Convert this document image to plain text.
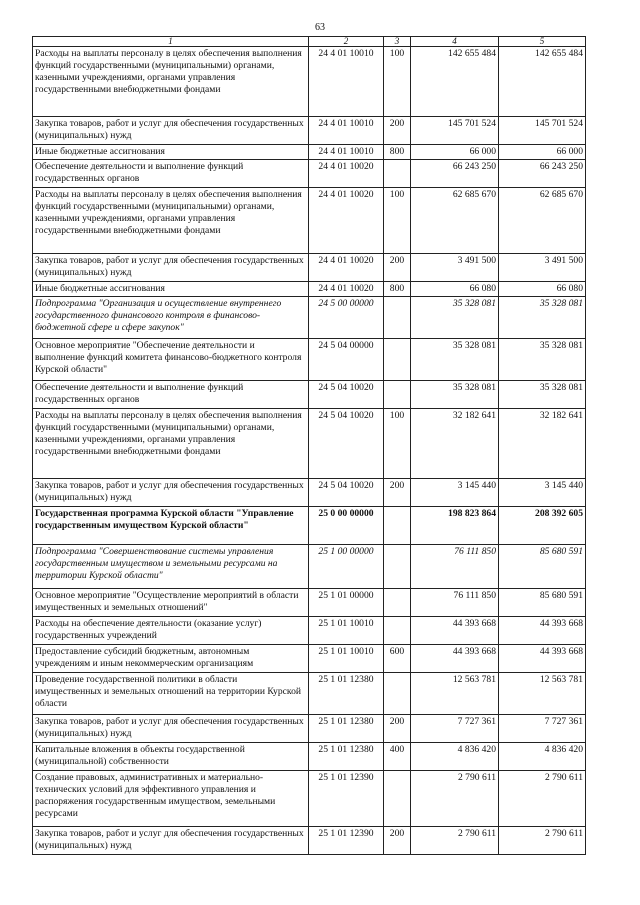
63
1	2	3	4	5
Расходы на выплаты персоналу в целях обеспечения выполнения функций государственными (муниципальными) органами, казенными учреждениями, органами управления государственными внебюджетными фондами	24 4 01 10010	100	142 655 484	142 655 484
Закупка товаров, работ и услуг для обеспечения государственных (муниципальных) нужд	24 4 01 10010	200	145 701 524	145 701 524
Иные бюджетные ассигнования	24 4 01 10010	800	66 000	66 000
Обеспечение деятельности и выполнение функций государственных органов	24 4 01 10020		66 243 250	66 243 250
Расходы на выплаты персоналу в целях обеспечения выполнения функций государственными (муниципальными) органами, казенными учреждениями, органами управления государственными внебюджетными фондами	24 4 01 10020	100	62 685 670	62 685 670
Закупка товаров, работ и услуг для обеспечения государственных (муниципальных) нужд	24 4 01 10020	200	3 491 500	3 491 500
Иные бюджетные ассигнования	24 4 01 10020	800	66 080	66 080
Подпрограмма "Организация и осуществление внутреннего государственного финансового контроля в финансово-бюджетной сфере и сфере закупок"	24 5 00 00000		35 328 081	35 328 081
Основное мероприятие "Обеспечение деятельности и выполнение функций комитета финансово-бюджетного контроля Курской области"	24 5 04 00000		35 328 081	35 328 081
Обеспечение деятельности и выполнение функций государственных органов	24 5 04 10020		35 328 081	35 328 081
Расходы на выплаты персоналу в целях обеспечения выполнения функций государственными (муниципальными) органами, казенными учреждениями, органами управления государственными внебюджетными фондами	24 5 04 10020	100	32 182 641	32 182 641
Закупка товаров, работ и услуг для обеспечения государственных (муниципальных) нужд	24 5 04 10020	200	3 145 440	3 145 440
Государственная программа Курской области "Управление государственным имуществом Курской области"	25 0 00 00000		198 823 864	208 392 605
Подпрограмма "Совершенствование системы управления государственным имуществом и земельными ресурсами на территории Курской области"	25 1 00 00000		76 111 850	85 680 591
Основное мероприятие "Осуществление мероприятий в области имущественных и земельных отношений"	25 1 01 00000		76 111 850	85 680 591
Расходы на обеспечение деятельности (оказание услуг) государственных учреждений	25 1 01 10010		44 393 668	44 393 668
Предоставление субсидий бюджетным, автономным учреждениям и иным некоммерческим организациям	25 1 01 10010	600	44 393 668	44 393 668
Проведение государственной политики в области имущественных и земельных отношений на территории Курской области	25 1 01 12380		12 563 781	12 563 781
Закупка товаров, работ и услуг для обеспечения государственных (муниципальных) нужд	25 1 01 12380	200	7 727 361	7 727 361
Капитальные вложения в объекты государственной (муниципальной) собственности	25 1 01 12380	400	4 836 420	4 836 420
Создание правовых, административных и материально-технических условий для эффективного управления и распоряжения государственным имуществом, земельными ресурсами	25 1 01 12390		2 790 611	2 790 611
Закупка товаров, работ и услуг для обеспечения государственных (муниципальных) нужд	25 1 01 12390	200	2 790 611	2 790 611
